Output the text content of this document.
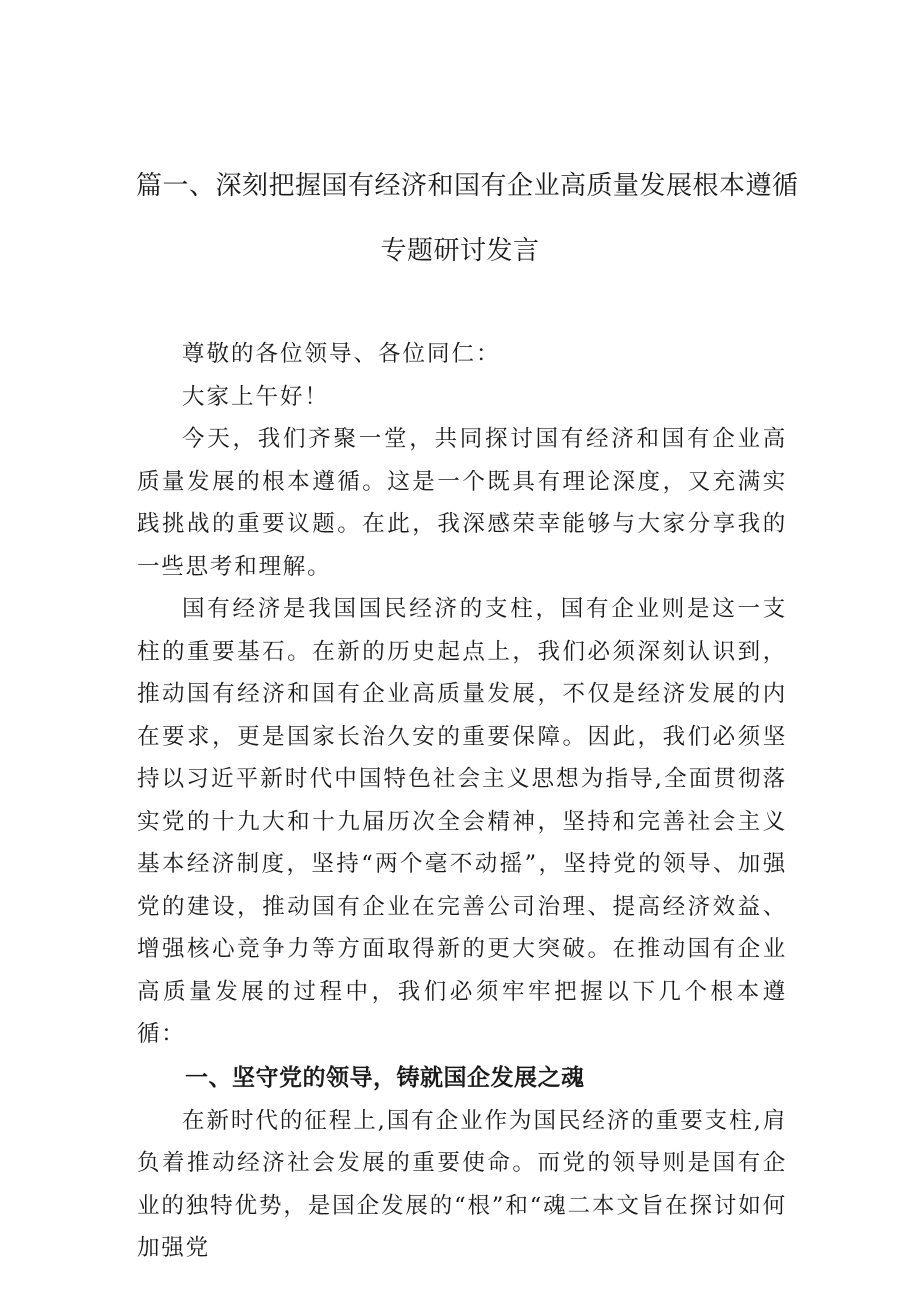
篇一、深刻把握国有经济和国有企业高质量发展根本遵循
专题研讨发言

尊敬的各位领导、各位同仁：

大家上午好！

今天，我们齐聚一堂，共同探讨国有经济和国有企业高质量发展的根本遵循。这是一个既具有理论深度，又充满实践挑战的重要议题。在此，我深感荣幸能够与大家分享我的一些思考和理解。

国有经济是我国国民经济的支柱，国有企业则是这一支柱的重要基石。在新的历史起点上，我们必须深刻认识到，推动国有经济和国有企业高质量发展，不仅是经济发展的内在要求，更是国家长治久安的重要保障。因此，我们必须坚持以习近平新时代中国特色社会主义思想为指导,全面贯彻落实党的十九大和十九届历次全会精神，坚持和完善社会主义基本经济制度，坚持“两个毫不动摇”，坚持党的领导、加强党的建设，推动国有企业在完善公司治理、提高经济效益、增强核心竞争力等方面取得新的更大突破。在推动国有企业高质量发展的过程中，我们必须牢牢把握以下几个根本遵循：

一、坚守党的领导，铸就国企发展之魂

在新时代的征程上,国有企业作为国民经济的重要支柱,肩负着推动经济社会发展的重要使命。而党的领导则是国有企业的独特优势，是国企发展的“根”和“魂二本文旨在探讨如何加强党
